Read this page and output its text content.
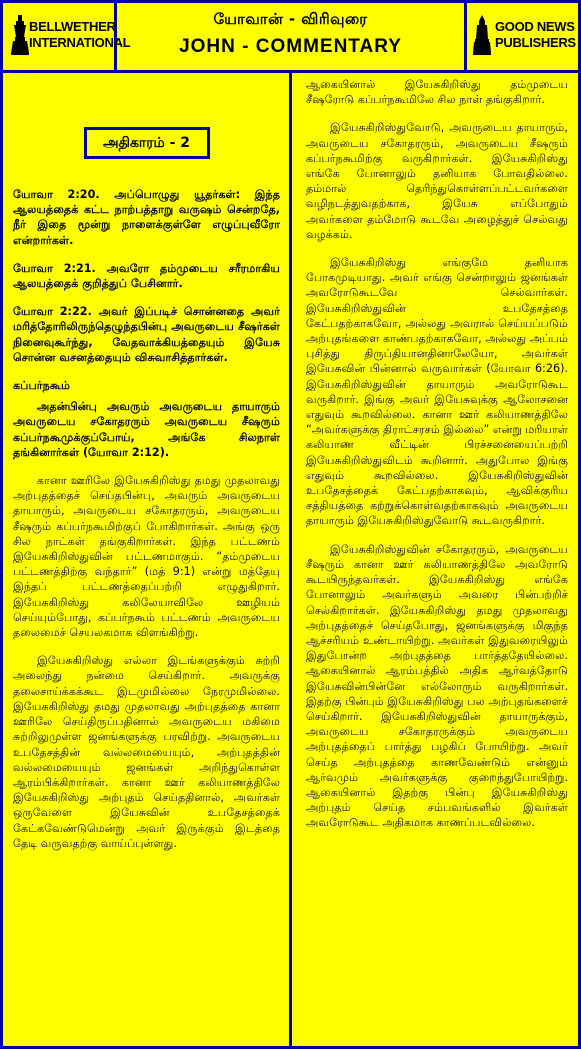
BELLWETHER
INTERNATIONAL
யோவான் - விரிவுரை
JOHN - COMMENTARY
GOOD NEWS
PUBLISHERS
அதிகாரம் - 2

யோவா 2:20. அப்பொழுது யூதர்கள்: இந்த ஆலயத்தைக் கட்ட நாற்பத்தாறு வருஷம் சென்றதே, நீர் இதை மூன்று நாளைக்குள்ளே எழுப்புவீரோ என்றார்கள்.

யோவா 2:21. அவரோ தம்முடைய சரீரமாகிய ஆலயத்தைக் குறித்துப் பேசினார்.

யோவா 2:22. அவர் இப்படிச் சொன்னதை அவர் மரித்தோரிலிருந்தெழுந்தபின்பு அவருடைய சீஷர்கள் நினைவுகூர்ந்து, வேதவாக்கியத்தையும் இயேசு சொன்ன வசனத்தையும் விசுவாசித்தார்கள்.

கப்பர்நகூம்

அதன்பின்பு அவரும் அவருடைய தாயாரும் அவருடைய சகோதரரும் அவருடைய சீஷரும் கப்பர்நகூமுக்குப்போய், அங்கே சிலநாள் தங்கினார்கள் (யோவா 2:12).

கானா ஊரிலே இயேசுகிறிஸ்து தமது முதலாவது அற்புதத்தைச் செய்தபின்பு, அவரும் அவருடைய தாயாரும், அவருடைய சகோதரரும், அவருடைய சீஷரும் கப்பர்நகூமிற்குப் போகிறார்கள். அங்கு ஒரு சில நாட்கள் தங்குகிறார்கள். இந்த பட்டணம் இயேசுகிறிஸ்துவின் பட்டணமாகும். “தம்முடைய பட்டணத்திற்கு வந்தார்” (மத் 9:1) என்று மத்தேயு இந்தப் பட்டணத்தைப்பற்றி எழுதுகிறார். இயேசுகிறிஸ்து கலிலேயாவிலே ஊழியம் செய்யும்போது, கப்பர்நகூம் பட்டணம் அவருடைய தலைமைச் செயலகமாக விளங்கிற்று.

இயேசுகிறிஸ்து எல்லா இடங்களுக்கும் சுற்றி அலைந்து நன்மை செய்கிறார். அவருக்கு தலைசாய்க்கக்கூட இடமுமில்லை நேரமுமில்லை. இயேசுகிறிஸ்து தமது முதலாவது அற்புதத்தை கானா ஊரிலே செய்திருப்பதினால் அவருடைய மகிமை சுற்றிலுமுள்ள ஜனங்களுக்கு பரவிற்று. அவருடைய உபதேசத்தின் வல்லமையையும், அற்புதத்தின் வல்லமையையும் ஜனங்கள் அறிந்துகொள்ள ஆரம்பிக்கிறார்கள். கானா ஊர் கலியாணத்திலே இயேசுகிறிஸ்து அற்புதம் செய்ததினால், அவர்கள் ஒருவேளை இயேசுவின் உபதேசத்தைக் கேட்கவேண்டுமென்று அவர் இருக்கும் இடத்தை தேடி வருவதற்கு வாய்ப்புள்ளது.

ஆகையினால் இயேசுகிறிஸ்து தம்முடைய சீஷரோடு கப்பர்நகூமிலே சில நாள் தங்குகிறார்.

இயேசுகிறிஸ்துவோடு, அவருடைய தாயாரும், அவருடைய சகோதரரும், அவருடைய சீஷரும் கப்பர்நகூமிற்கு வருகிறார்கள். இயேசுகிறிஸ்து எங்கே போனாலும் தனியாக போவதில்லை. தம்மால் தெரிந்துகொள்ளப்பட்டவர்களை வழிநடத்துவதற்காக, இயேசு எப்போதும் அவர்களை தம்மோடு கூடவே அழைத்துச் செல்வது வழக்கம்.

இயேசுகிறிஸ்து எங்குமே தனியாக போகமுடியாது. அவர் எங்கு சென்றாலும் ஜனங்கள் அவரோடுகூடவே செல்வார்கள். இயேசுகிறிஸ்துவின் உபதேசத்தை கேட்பதற்காகவோ, அல்லது அவரால் செய்யப்படும் அற்புதங்களை காண்பதற்காகவோ, அல்லது அப்பம் புசித்து திருப்தியானதினாலேயோ, அவர்கள் இயேசுவின் பின்னால் வருவார்கள் (யோவா 6:26). இயேசுகிறிஸ்துவின் தாயாரும் அவரோடுகூட வருகிறார். இங்கு அவர் இயேசுவுக்கு ஆலோசனை எதுவும் கூறவில்லை. கானா ஊர் கலியாணத்திலே “அவர்களுக்கு திராட்சரசம் இல்லை” என்று மரியாள் கலியாண வீட்டின் பிரச்சனையைப்பற்றி இயேசுகிறிஸ்துவிடம் கூறினார். அதுபோல இங்கு எதுவும் கூறவில்லை. இயேசுகிறிஸ்துவின் உபதேசத்தைக் கேட்பதற்காகவும், ஆவிக்குரிய சத்தியத்தை கற்றுக்கொள்வதற்காகவும் அவருடைய தாயாரும் இயேசுகிறிஸ்துவோடு கூடவருகிறார்.

இயேசுகிறிஸ்துவின் சகோதரரும், அவருடைய சீஷரும் கானா ஊர் கலியாணத்திலே அவரோடு கூடயிருந்தவர்கள். இயேசுகிறிஸ்து எங்கே போனாலும் அவர்களும் அவரை பின்பற்றிச் செல்கிறார்கள். இயேசுகிறிஸ்து தமது முதலாவது அற்புதத்தைச் செய்தபோது, ஜனங்களுக்கு மிகுந்த ஆச்சரியம் உண்டாயிற்று. அவர்கள் இதுவரையிலும் இதுபோன்ற அற்புதத்தை பார்த்ததேயில்லை. ஆகையினால் ஆரம்பத்தில் அதிக ஆர்வத்தோடு இயேசுவின்பின்னே எல்லோரும் வருகிறார்கள். இதற்கு பின்பும் இயேசுகிறிஸ்து பல அற்புதங்களைச் செய்கிறார். இயேசுகிறிஸ்துவின் தாயாருக்கும், அவருடைய சகோதரருக்கும் அவருடைய அற்புதத்தைப் பார்த்து பழகிப் போயிற்று. அவர் செய்த அற்புதத்தை காணவேண்டும் என்னும் ஆர்வமும் அவர்களுக்கு குறைந்துபோயிற்று. ஆகையினால் இதற்கு பின்பு இயேசுகிறிஸ்து அற்புதம் செய்த சம்பவங்களில் இவர்கள் அவரோடுகூட அதிகமாக காணப்படவில்லை.
